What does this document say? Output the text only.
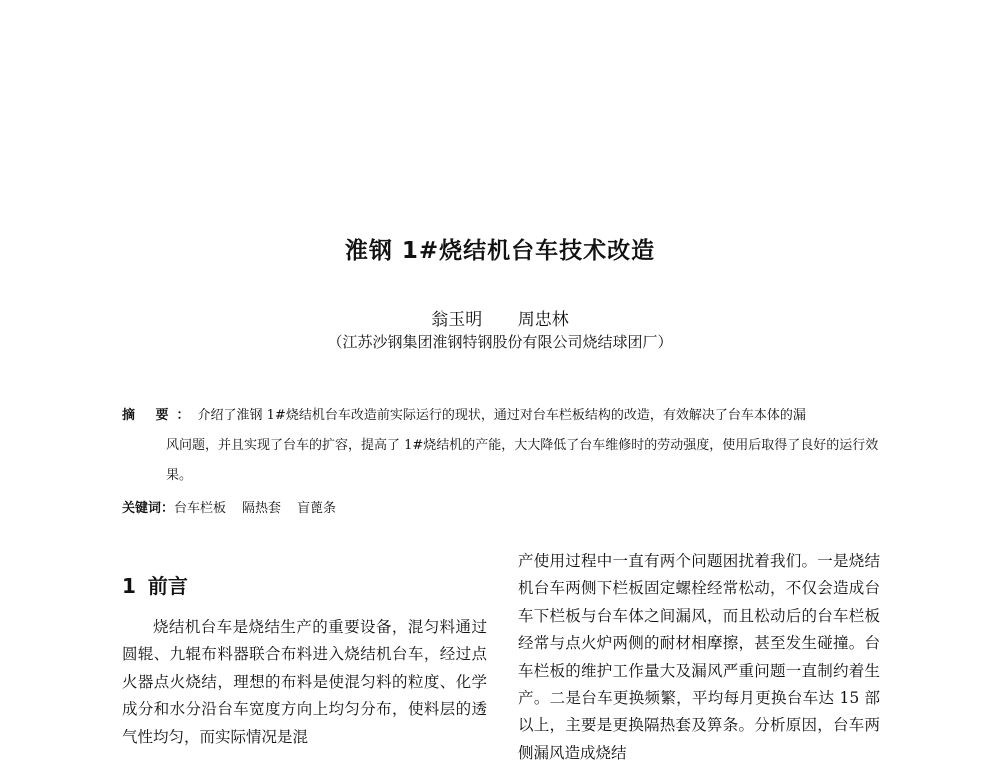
淮钢 1#烧结机台车技术改造
翁玉明 周忠林
（江苏沙钢集团淮钢特钢股份有限公司烧结球团厂）
摘 要：介绍了淮钢 1#烧结机台车改造前实际运行的现状，通过对台车栏板结构的改造，有效解决了台车本体的漏
风问题，并且实现了台车的扩容，提高了 1#烧结机的产能，大大降低了台车维修时的劳动强度，使用后取得了良好的运行效果。
关键词：台车栏板 隔热套 盲蓖条
1 前言

烧结机台车是烧结生产的重要设备，混匀料通过圆辊、九辊布料器联合布料进入烧结机台车，经过点火器点火烧结，理想的布料是使混匀料的粒度、化学成分和水分沿台车宽度方向上均匀分布，使料层的透气性均匀，而实际情况是混

产使用过程中一直有两个问题困扰着我们。一是烧结机台车两侧下栏板固定螺栓经常松动，不仅会造成台车下栏板与台车体之间漏风，而且松动后的台车栏板经常与点火炉两侧的耐材相摩擦，甚至发生碰撞。台车栏板的维护工作量大及漏风严重问题一直制约着生产。二是台车更换频繁，平均每月更换台车达 15 部以上，主要是更换隔热套及箅条。分析原因，台车两侧漏风造成烧结
